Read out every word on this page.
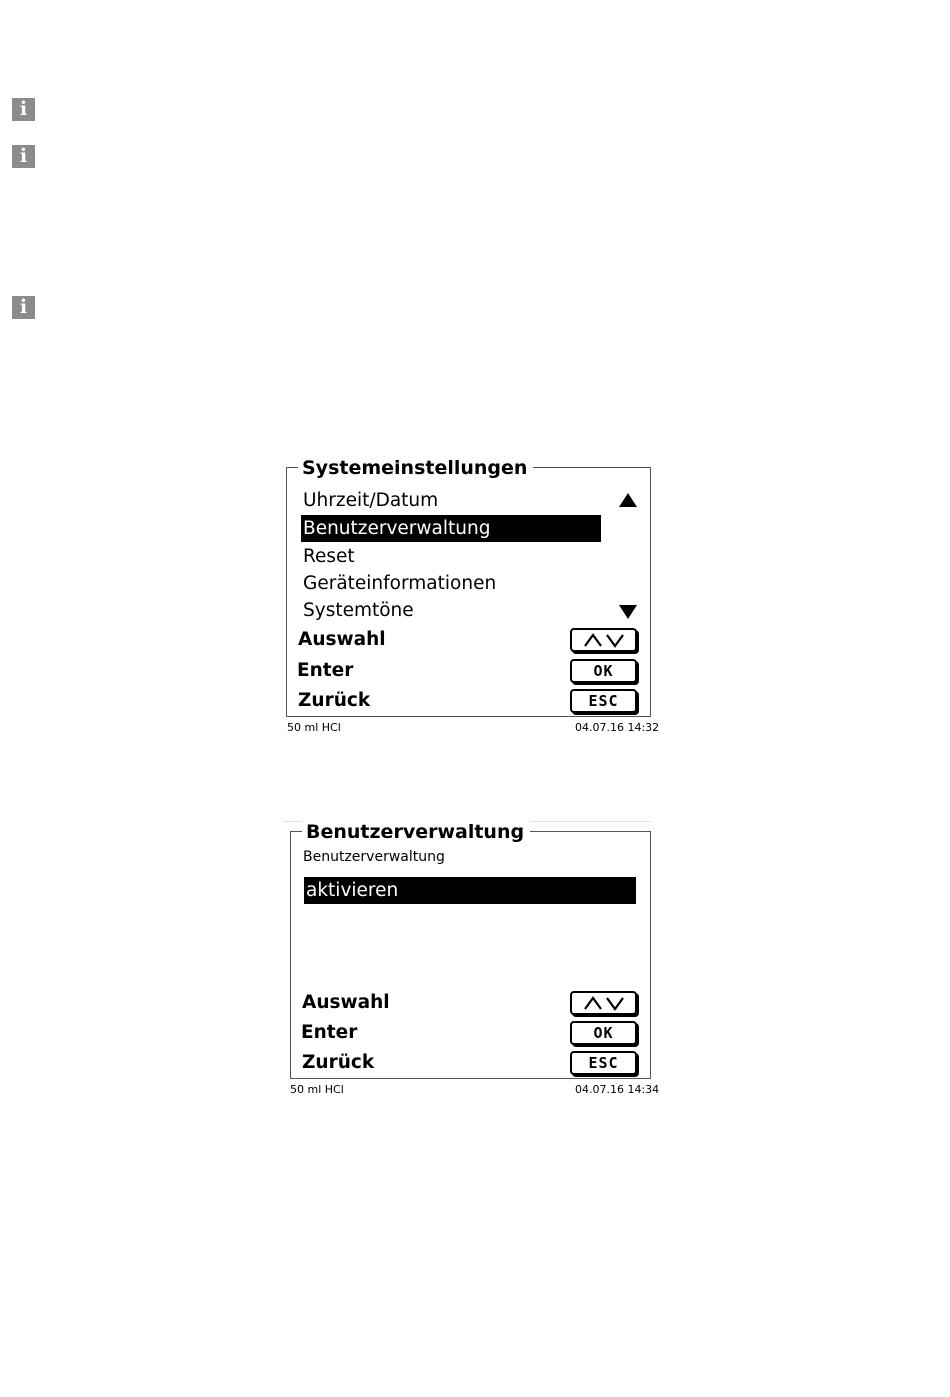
i
i
i
Systemeinstellungen
Uhrzeit/Datum
Benutzerverwaltung
Reset
Geräteinformationen
Systemtöne
Auswahl
Enter	OK
Zurück	ESC
50 ml HCl	04.07.16 14:32
Benutzerverwaltung
Benutzerverwaltung
aktivieren
Auswahl
Enter	OK
Zurück	ESC
50 ml HCl	04.07.16 14:34
